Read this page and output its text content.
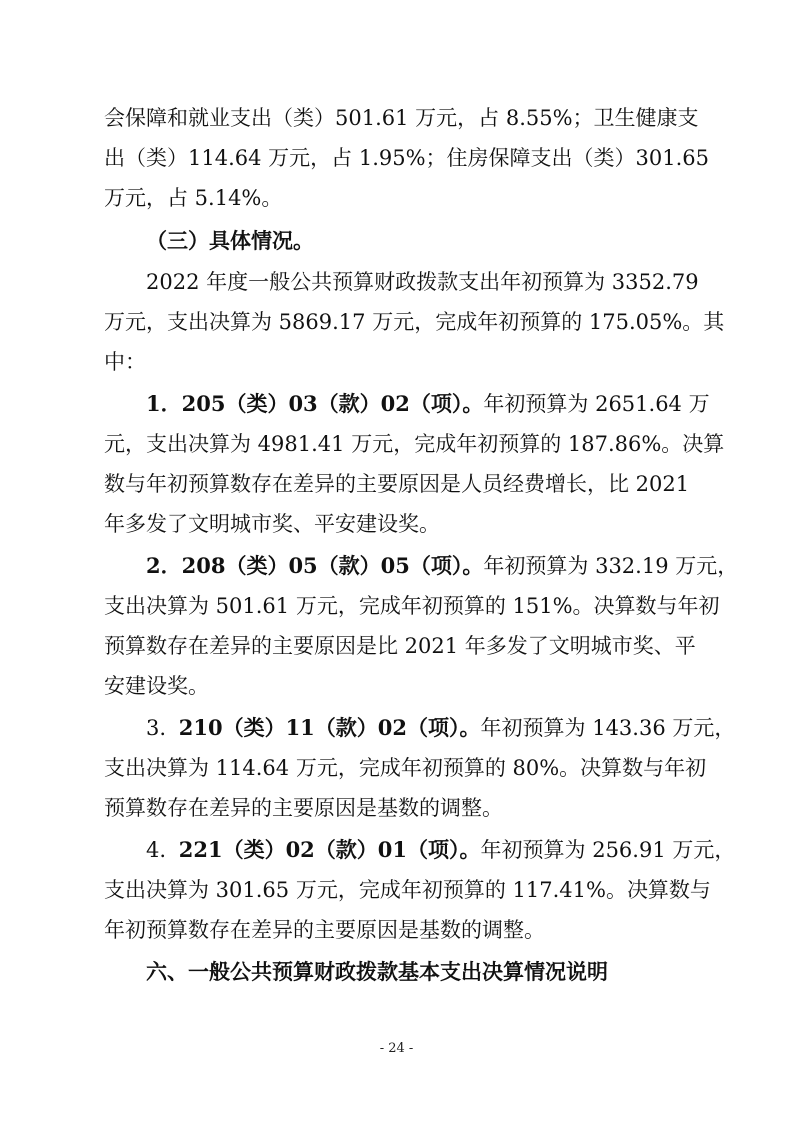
会保障和就业支出（类）501.61 万元，占 8.55%；卫生健康支
出（类）114.64 万元，占 1.95%；住房保障支出（类）301.65
万元，占 5.14%。
（三）具体情况。
2022 年度一般公共预算财政拨款支出年初预算为 3352.79
万元，支出决算为 5869.17 万元，完成年初预算的 175.05%。其
中：
1．205（类）03（款）02（项）。 年初预算为 2651.64 万
元，支出决算为 4981.41 万元，完成年初预算的 187.86%。决算
数与年初预算数存在差异的主要原因是人员经费增长，比 2021
年多发了文明城市奖、平安建设奖。
2．208（类）05（款）05（项）。 年初预算为 332.19 万元，
支出决算为 501.61 万元，完成年初预算的 151%。决算数与年初
预算数存在差异的主要原因是比 2021 年多发了文明城市奖、平
安建设奖。
3. 210（类）11（款）02（项）。 年初预算为 143.36 万元，
支出决算为 114.64 万元，完成年初预算的 80%。决算数与年初
预算数存在差异的主要原因是基数的调整。
4. 221（类）02（款）01（项）。 年初预算为 256.91 万元，
支出决算为 301.65 万元，完成年初预算的 117.41%。决算数与
年初预算数存在差异的主要原因是基数的调整。
六、一般公共预算财政拨款基本支出决算情况说明
- 24 -
